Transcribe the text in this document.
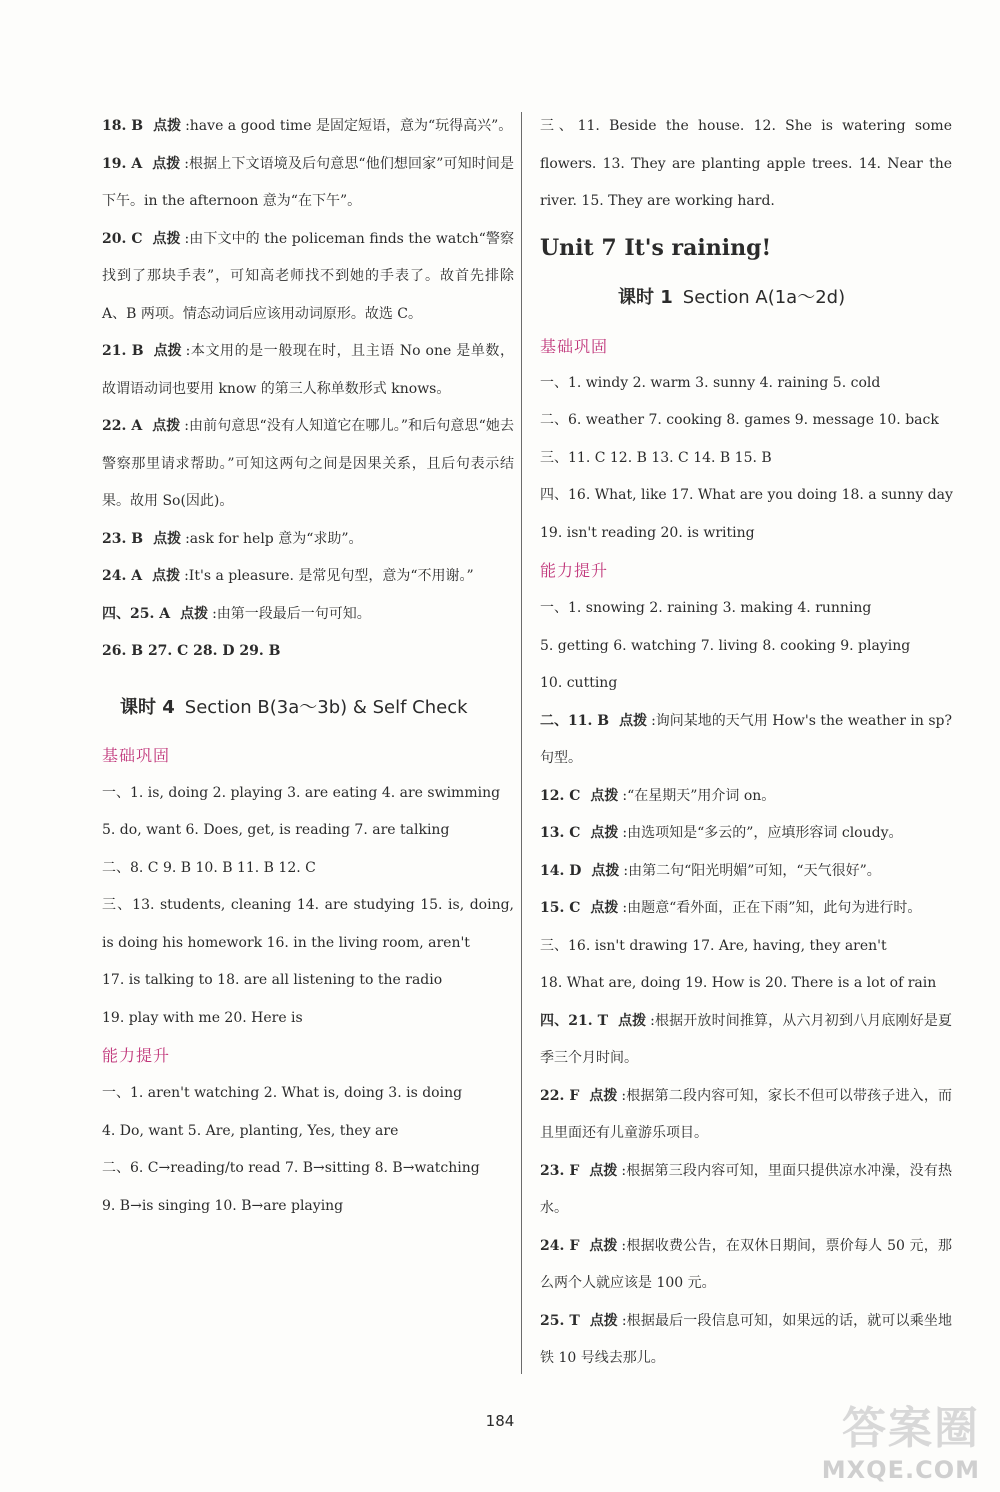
18. B 点拨 :have a good time 是固定短语，意为“玩得高兴”。

19. A 点拨 :根据上下文语境及后句意思“他们想回家”可知时间是下午。in the afternoon 意为“在下午”。

20. C 点拨 :由下文中的 the policeman finds the watch“警察找到了那块手表”，可知高老师找不到她的手表了。故首先排除 A、B 两项。情态动词后应该用动词原形。故选 C。

21. B 点拨 :本文用的是一般现在时，且主语 No one 是单数，故谓语动词也要用 know 的第三人称单数形式 knows。

22. A 点拨 :由前句意思“没有人知道它在哪儿。”和后句意思“她去警察那里请求帮助。”可知这两句之间是因果关系，且后句表示结果。故用 So(因此)。

23. B 点拨 :ask for help 意为“求助”。

24. A 点拨 :It's a pleasure. 是常见句型，意为“不用谢。”

四、25. A 点拨 :由第一段最后一句可知。

26. B 27. C 28. D 29. B

课时 4 Section B(3a～3b) & Self Check

基础巩固

一、1. is, doing 2. playing 3. are eating 4. are swimming

5. do, want 6. Does, get, is reading 7. are talking

二、8. C 9. B 10. B 11. B 12. C

三、13. students, cleaning 14. are studying 15. is, doing, is doing his homework 16. in the living room, aren't

17. is talking to 18. are all listening to the radio

19. play with me 20. Here is

能力提升

一、1. aren't watching 2. What is, doing 3. is doing

4. Do, want 5. Are, planting, Yes, they are

二、6. C→reading/to read 7. B→sitting 8. B→watching

9. B→is singing 10. B→are playing

三、11. Beside the house. 12. She is watering some flowers. 13. They are planting apple trees. 14. Near the river. 15. They are working hard.

Unit 7 It's raining!

课时 1 Section A(1a～2d)

基础巩固

一、1. windy 2. warm 3. sunny 4. raining 5. cold

二、6. weather 7. cooking 8. games 9. message 10. back

三、11. C 12. B 13. C 14. B 15. B

四、16. What, like 17. What are you doing 18. a sunny day

19. isn't reading 20. is writing

能力提升

一、1. snowing 2. raining 3. making 4. running

5. getting 6. watching 7. living 8. cooking 9. playing

10. cutting

二、11. B 点拨 :询问某地的天气用 How's the weather in sp? 句型。

12. C 点拨 :“在星期天”用介词 on。

13. C 点拨 :由选项知是“多云的”，应填形容词 cloudy。

14. D 点拨 :由第二句“阳光明媚”可知，“天气很好”。

15. C 点拨 :由题意“看外面，正在下雨”知，此句为进行时。

三、16. isn't drawing 17. Are, having, they aren't

18. What are, doing 19. How is 20. There is a lot of rain

四、21. T 点拨 :根据开放时间推算，从六月初到八月底刚好是夏季三个月时间。

22. F 点拨 :根据第二段内容可知，家长不但可以带孩子进入，而且里面还有儿童游乐项目。

23. F 点拨 :根据第三段内容可知，里面只提供凉水冲澡，没有热水。

24. F 点拨 :根据收费公告，在双休日期间，票价每人 50 元，那么两个人就应该是 100 元。

25. T 点拨 :根据最后一段信息可知，如果远的话，就可以乘坐地铁 10 号线去那儿。

184	答案圈
MXQE.COM
